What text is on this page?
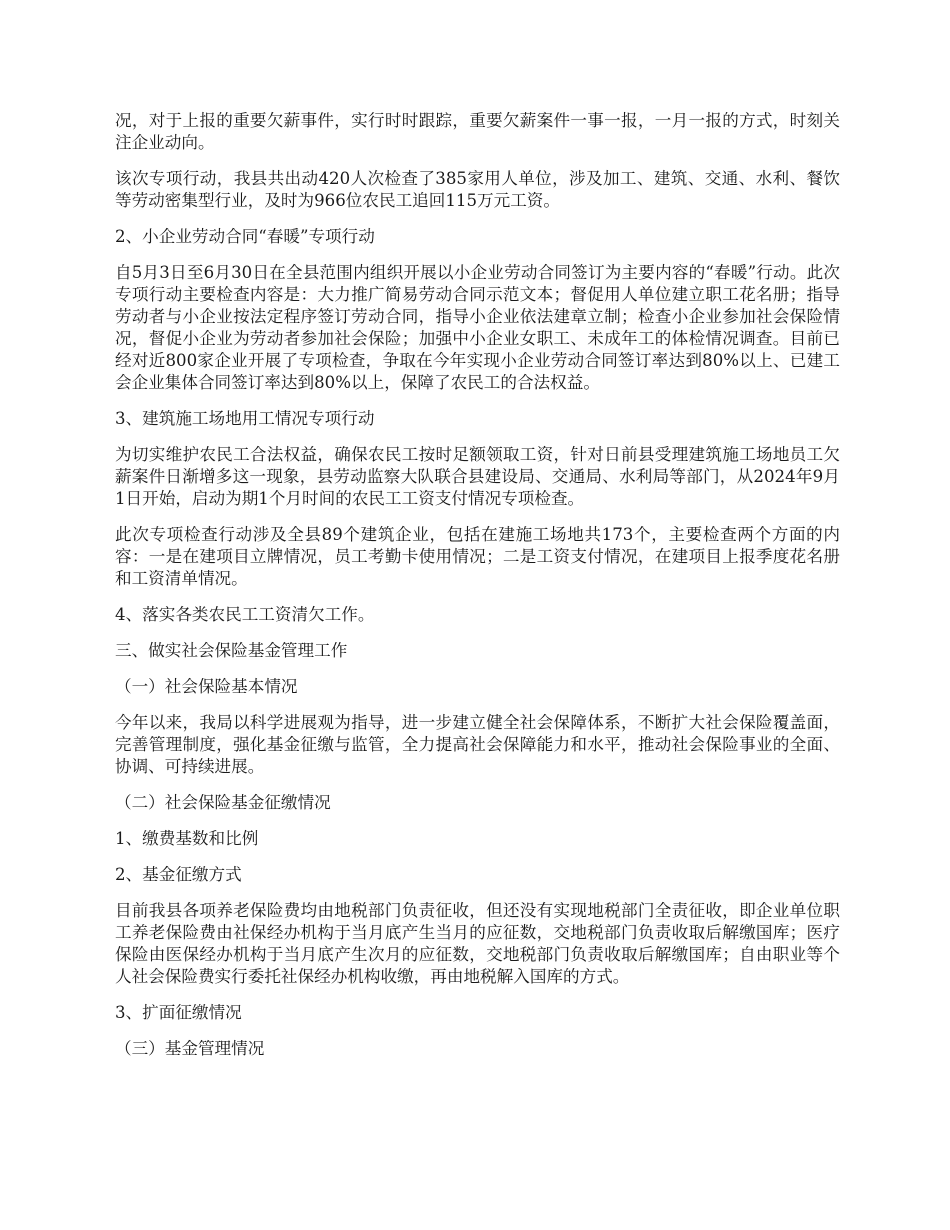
况，对于上报的重要欠薪事件，实行时时跟踪，重要欠薪案件一事一报，一月一报的方式，时刻关注企业动向。

该次专项行动，我县共出动420人次检查了385家用人单位，涉及加工、建筑、交通、水利、餐饮等劳动密集型行业，及时为966位农民工追回115万元工资。

2、小企业劳动合同“春暖”专项行动

自5月3日至6月30日在全县范围内组织开展以小企业劳动合同签订为主要内容的“春暖”行动。此次专项行动主要检查内容是：大力推广简易劳动合同示范文本；督促用人单位建立职工花名册；指导劳动者与小企业按法定程序签订劳动合同，指导小企业依法建章立制；检查小企业参加社会保险情况，督促小企业为劳动者参加社会保险；加强中小企业女职工、未成年工的体检情况调查。目前已经对近800家企业开展了专项检查，争取在今年实现小企业劳动合同签订率达到80%以上、已建工会企业集体合同签订率达到80%以上，保障了农民工的合法权益。

3、建筑施工场地用工情况专项行动

为切实维护农民工合法权益，确保农民工按时足额领取工资，针对日前县受理建筑施工场地员工欠薪案件日渐增多这一现象，县劳动监察大队联合县建设局、交通局、水利局等部门，从2024年9月1日开始，启动为期1个月时间的农民工工资支付情况专项检查。

此次专项检查行动涉及全县89个建筑企业，包括在建施工场地共173个，主要检查两个方面的内容：一是在建项目立牌情况，员工考勤卡使用情况；二是工资支付情况，在建项目上报季度花名册和工资清单情况。

4、落实各类农民工工资清欠工作。

三、做实社会保险基金管理工作

（一）社会保险基本情况

今年以来，我局以科学进展观为指导，进一步建立健全社会保障体系，不断扩大社会保险覆盖面，完善管理制度，强化基金征缴与监管，全力提高社会保障能力和水平，推动社会保险事业的全面、协调、可持续进展。

（二）社会保险基金征缴情况

1、缴费基数和比例

2、基金征缴方式

目前我县各项养老保险费均由地税部门负责征收，但还没有实现地税部门全责征收，即企业单位职工养老保险费由社保经办机构于当月底产生当月的应征数，交地税部门负责收取后解缴国库；医疗保险由医保经办机构于当月底产生次月的应征数，交地税部门负责收取后解缴国库；自由职业等个人社会保险费实行委托社保经办机构收缴，再由地税解入国库的方式。

3、扩面征缴情况

（三）基金管理情况
